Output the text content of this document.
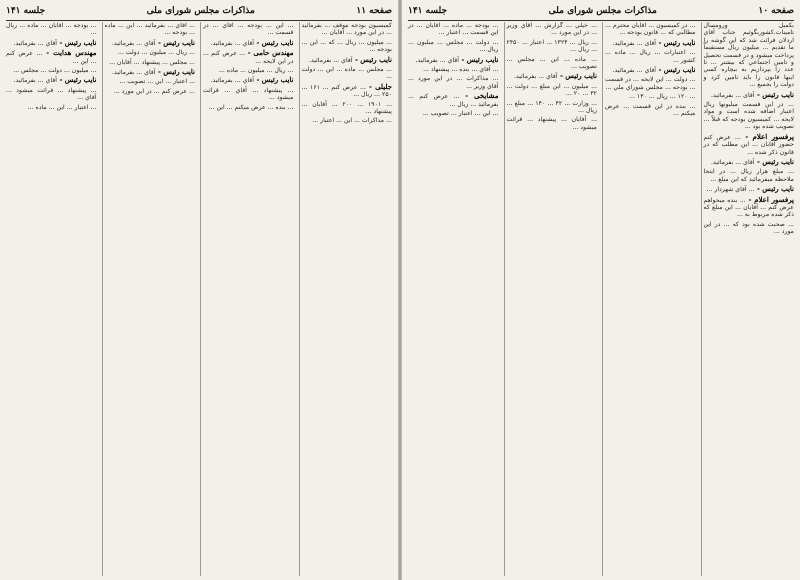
صفحه ۱۱
مذاکرات مجلس شورای ملی
جلسه ۱۴۱

کميسيون بودجه موقف ... بفرمائيد ... در اين مورد ... آقايان ...

... ميليون ... ريال ... كه ... اين ... بودجه ...

نایب رئیس - آقاي ... بفرمائيد.

... مجلس ... ماده ... اين ... دولت ...

جلیلی - ... عرض كنم ... ۱۶۱ ... ۲۵۰ ... ريال ...

... ۱۹۰۱ ... ۲۰۰ ... آقايان ... پيشنهاد ...

... مذاكرات ... اين ... اعتبار ...

... اين ... بودجه ... آقاي ... در قسمت ...

نایب رئیس - آقاي ... بفرمائيد.

مهندس حامی - ... عرض كنم ... در اين لايحه ...

... ريال ... ميليون ... ماده ...

نایب رئیس - آقاي ... بفرمائيد.

... پيشنهاد ... آقاي ... قرائت ميشود ...

... بنده ... عرض ميکنم ... اين ...

... آقاي ... بفرمائيد ... اين ... ماده ... بودجه ...

نایب رئیس - آقاي ... بفرمائيد.

... ريال ... ميليون ... دولت ...

... مجلس ... پيشنهاد ... آقايان ...

نایب رئیس - آقاي ... بفرمائيد.

... اعتبار ... اين ... تصويب ...

... عرض كنم ... در اين مورد ...

... بودجه ... آقايان ... ماده ... ريال ...

نایب رئیس - آقاي ... بفرمائيد.

مهندس هدایت - ... عرض كنم ... اين ...

... ميليون ... دولت ... مجلس ...

نایب رئیس - آقاي ... بفرمائيد.

... پيشنهاد ... قرائت ميشود ... آقاي ...

... اعتبار ... اين ... ماده ...

صفحه ۱۰
مذاکرات مجلس شورای ملی
جلسه ۱۴۱

بكميل ورومسأل تامينات.کشوربگوئيم جناب آقاي اردلان قرائت شد که اين گوشه را ما تقديم ... ميليون ريال مستقيماً پرداخت ميشود و در قسمت تحصيل و تامين اجتماعي كه بيشتر ... تا عدد را بپردازيم به بيچاره کسي اينها قانون را بايد تامين کرد و دولت را بجميع ...

نایب رئیس - آقای ... بفرمائيد.

... در اين قسمت ميليونها ريال اعتبار اضافه شده است و مواد لايحه ... کميسيون بودجه که قبلاً ... تصويب شده بود ...

پرفسور اعلام - ... عرض كنم حضور آقايان ... اين مطلب كه در قانون ذکر شده ...

نایب رئیس - آقای ... بفرمائيد.

... مبلغ هزار ريال ... در اينجا ملاحظه ميفرمائيد که اين مبلغ ...

نایب رئیس - ... آقاي شهردار ...

پرفسور اعلام - ... بنده ميخواهم عرض كنم ... آقايان ... اين مبلغ که ذکر شده مربوط به ...

... صحبت شده بود که ... در اين مورد ...

... در كميسيون ... آقايان محترم ... مطالبي كه ... قانون بودجه ...

نایب رئیس - آقای ... بفرمائيد.

... اعتبارات ... ريال ... ماده ... کشور ...

نایب رئیس - آقاي ... بفرمائيد.

... دولت ... اين لايحه ... در قسمت ... بودجه ... مجلس شوراي ملي ...

... ۱۲۰ ... ريال ... ۱۳۰ ...

... بنده در اين قسمت ... عرض ميکنم ...

... خيلي ... گزارش ... آقاي وزير ... در اين مورد ...

... ريال ... ۱۳۲۴ ... اعتبار ... ۲۴۵۰ ... ريال ...

... ماده ... اين ... مجلس ... تصويب ...

نایب رئیس - آقاي ... بفرمائيد.

... ميليون ... اين مبلغ ... دولت ... ۳۲ ... ۲۰ ...

... وزارت ... ۴۲ ... ۱۴۰ ... مبلغ ... ريال ...

... آقايان ... پيشنهاد ... قرائت ميشود ...

... بودجه ... ماده ... آقايان ... در اين قسمت ... اعتبار ...

... دولت ... مجلس ... ميليون ... ريال ...

نایب رئیس - آقاي ... بفرمائيد.

... آقاي ... بنده ... پيشنهاد ...

... مذاكرات ... در اين مورد ... آقاي وزير ...

مشایخی - ... عرض كنم ... بفرمائيد ... ريال ...

... اين ... اعتبار ... تصويب ...
